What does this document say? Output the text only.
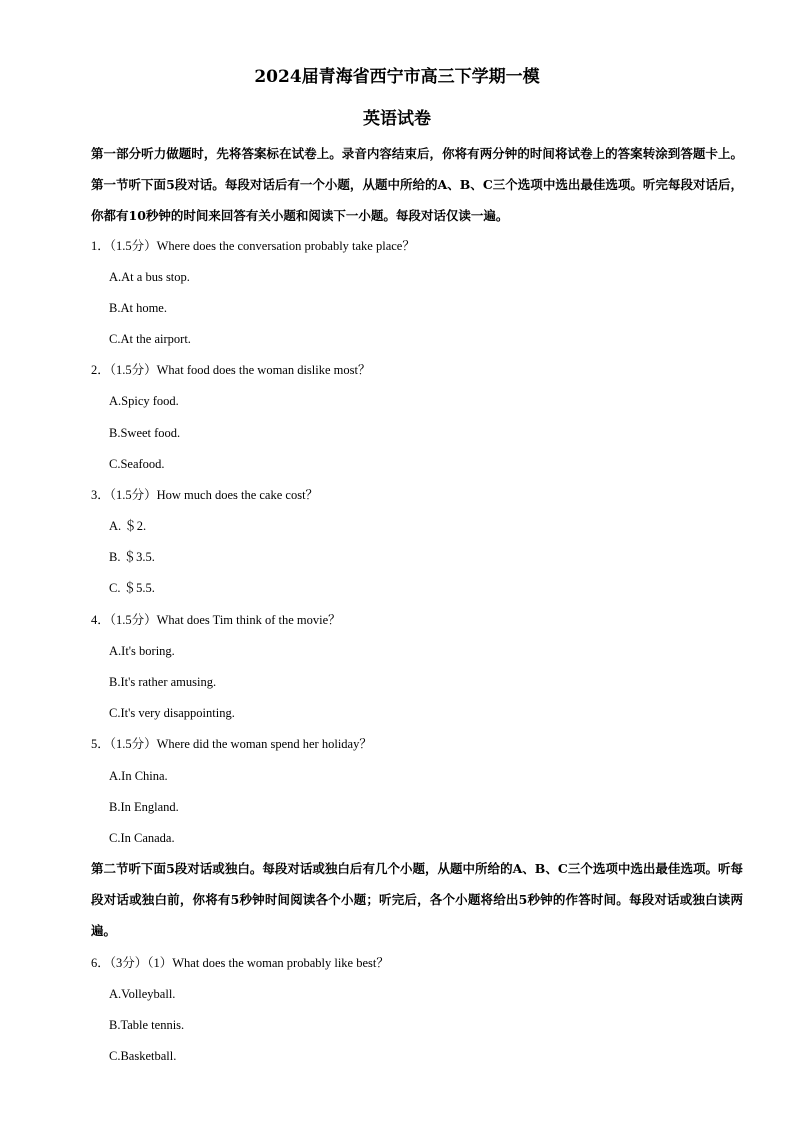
2024届青海省西宁市高三下学期一模
英语试卷
第一部分听力做题时，先将答案标在试卷上。录音内容结束后，你将有两分钟的时间将试卷上的答案转涂到答题卡上。第一节听下面5段对话。每段对话后有一个小题，从题中所给的A、B、C三个选项中选出最佳选项。听完每段对话后，你都有10秒钟的时间来回答有关小题和阅读下一小题。每段对话仅读一遍。
1．（1.5分）Where does the conversation probably take place？
A.At a bus stop.
B.At home.
C.At the airport.
2．（1.5分）What food does the woman dislike most？
A.Spicy food.
B.Sweet food.
C.Seafood.
3．（1.5分）How much does the cake cost？
A. ＄2.
B. ＄3.5.
C. ＄5.5.
4．（1.5分）What does Tim think of the movie？
A.It's boring.
B.It's rather amusing.
C.It's very disappointing.
5．（1.5分）Where did the woman spend her holiday？
A.In China.
B.In England.
C.In Canada.
第二节听下面5段对话或独白。每段对话或独白后有几个小题，从题中所给的A、B、C三个选项中选出最佳选项。听每段对话或独白前，你将有5秒钟时间阅读各个小题；听完后，各个小题将给出5秒钟的作答时间。每段对话或独白读两遍。
6．（3分）（1）What does the woman probably like best？
A.Volleyball.
B.Table tennis.
C.Basketball.
